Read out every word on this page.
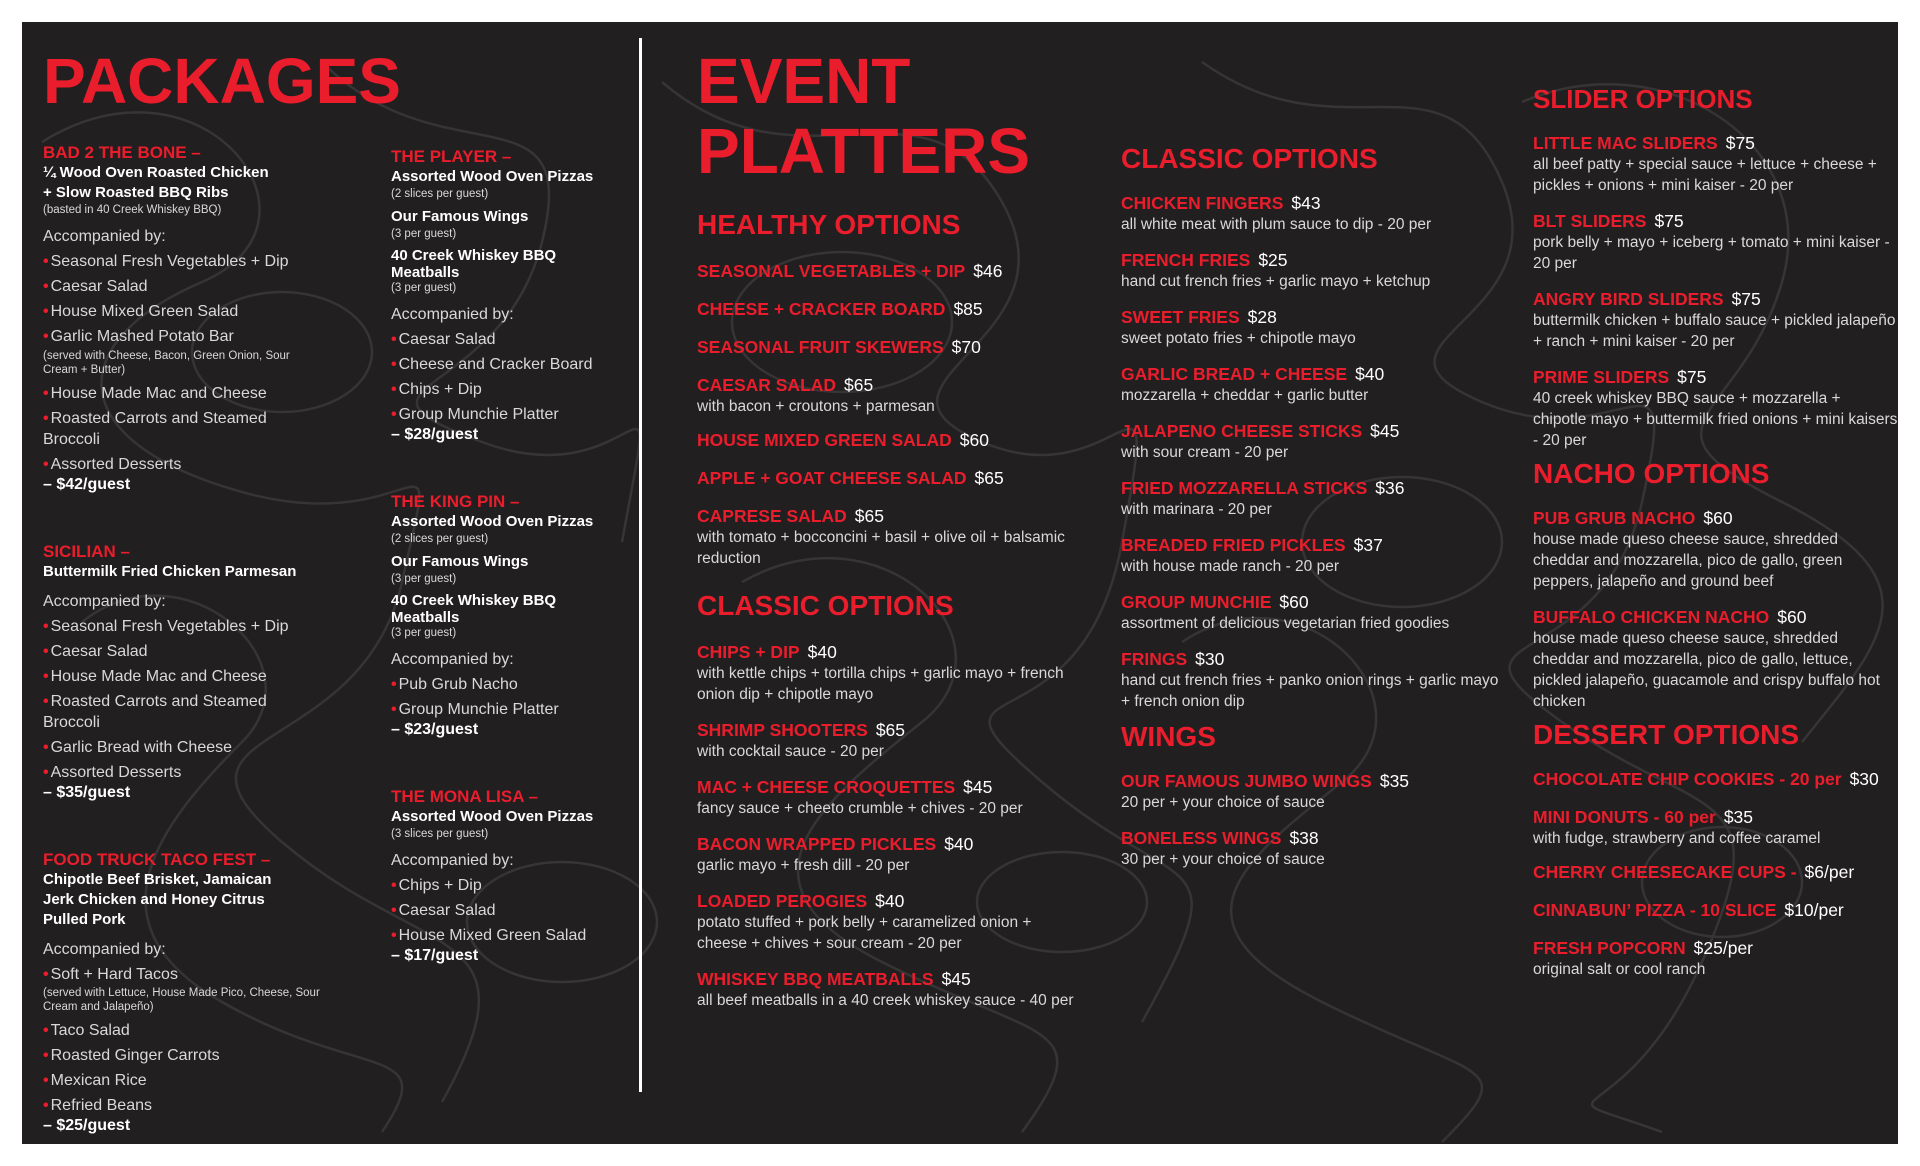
PACKAGES
BAD 2 THE BONE –
¼ Wood Oven Roasted Chicken
+ Slow Roasted BBQ Ribs
(basted in 40 Creek Whiskey BBQ)
Accompanied by:
• Seasonal Fresh Vegetables + Dip
• Caesar Salad
• House Mixed Green Salad
• Garlic Mashed Potato Bar
(served with Cheese, Bacon, Green Onion, Sour Cream + Butter)
• House Made Mac and Cheese
• Roasted Carrots and Steamed Broccoli
• Assorted Desserts
– $42/guest
SICILIAN –
Buttermilk Fried Chicken Parmesan
Accompanied by:
• Seasonal Fresh Vegetables + Dip
• Caesar Salad
• House Made Mac and Cheese
• Roasted Carrots and Steamed Broccoli
• Garlic Bread with Cheese
• Assorted Desserts
– $35/guest
FOOD TRUCK TACO FEST –
Chipotle Beef Brisket, Jamaican Jerk Chicken and Honey Citrus Pulled Pork
Accompanied by:
• Soft + Hard Tacos
(served with Lettuce, House Made Pico, Cheese, Sour Cream and Jalapeño)
• Taco Salad
• Roasted Ginger Carrots
• Mexican Rice
• Refried Beans
– $25/guest
THE PLAYER –
Assorted Wood Oven Pizzas
(2 slices per guest)
Our Famous Wings
(3 per guest)
40 Creek Whiskey BBQ Meatballs
(3 per guest)
Accompanied by:
• Caesar Salad
• Cheese and Cracker Board
• Chips + Dip
• Group Munchie Platter
– $28/guest
THE KING PIN –
Assorted Wood Oven Pizzas
(2 slices per guest)
Our Famous Wings
(3 per guest)
40 Creek Whiskey BBQ Meatballs
(3 per guest)
Accompanied by:
• Pub Grub Nacho
• Group Munchie Platter
– $23/guest
THE MONA LISA –
Assorted Wood Oven Pizzas
(3 slices per guest)
Accompanied by:
• Chips + Dip
• Caesar Salad
• House Mixed Green Salad
– $17/guest
EVENT PLATTERS
HEALTHY OPTIONS
SEASONAL VEGETABLES + DIP $46
CHEESE + CRACKER BOARD $85
SEASONAL FRUIT SKEWERS $70
CAESAR SALAD $65
with bacon + croutons + parmesan
HOUSE MIXED GREEN SALAD $60
APPLE + GOAT CHEESE SALAD $65
CAPRESE SALAD $65
with tomato + bocconcini + basil + olive oil + balsamic reduction
CLASSIC OPTIONS
CHIPS + DIP $40
with kettle chips + tortilla chips + garlic mayo + french onion dip + chipotle mayo
SHRIMP SHOOTERS $65
with cocktail sauce - 20 per
MAC + CHEESE CROQUETTES $45
fancy sauce + cheeto crumble + chives - 20 per
BACON WRAPPED PICKLES $40
garlic mayo + fresh dill - 20 per
LOADED PEROGIES $40
potato stuffed + pork belly + caramelized onion + cheese + chives + sour cream - 20 per
WHISKEY BBQ MEATBALLS $45
all beef meatballs in a 40 creek whiskey sauce - 40 per
CLASSIC OPTIONS
CHICKEN FINGERS $43
all white meat with plum sauce to dip - 20 per
FRENCH FRIES $25
hand cut french fries + garlic mayo + ketchup
SWEET FRIES $28
sweet potato fries + chipotle mayo
GARLIC BREAD + CHEESE $40
mozzarella + cheddar + garlic butter
JALAPENO CHEESE STICKS $45
with sour cream - 20 per
FRIED MOZZARELLA STICKS $36
with marinara - 20 per
BREADED FRIED PICKLES $37
with house made ranch - 20 per
GROUP MUNCHIE $60
assortment of delicious vegetarian fried goodies
FRINGS $30
hand cut french fries + panko onion rings + garlic mayo + french onion dip
WINGS
OUR FAMOUS JUMBO WINGS $35
20 per + your choice of sauce
BONELESS WINGS $38
30 per + your choice of sauce
SLIDER OPTIONS
LITTLE MAC SLIDERS $75
all beef patty + special sauce + lettuce + cheese + pickles + onions + mini kaiser - 20 per
BLT SLIDERS $75
pork belly + mayo + iceberg + tomato + mini kaiser - 20 per
ANGRY BIRD SLIDERS $75
buttermilk chicken + buffalo sauce + pickled jalapeño + ranch + mini kaiser - 20 per
PRIME SLIDERS $75
40 creek whiskey BBQ sauce + mozzarella + chipotle mayo + buttermilk fried onions + mini kaisers - 20 per
NACHO OPTIONS
PUB GRUB NACHO $60
house made queso cheese sauce, shredded cheddar and mozzarella, pico de gallo, green peppers, jalapeño and ground beef
BUFFALO CHICKEN NACHO $60
house made queso cheese sauce, shredded cheddar and mozzarella, pico de gallo, lettuce, pickled jalapeño, guacamole and crispy buffalo hot chicken
DESSERT OPTIONS
CHOCOLATE CHIP COOKIES - 20 per $30
MINI DONUTS - 60 per $35
with fudge, strawberry and coffee caramel
CHERRY CHEESECAKE CUPS - $6/per
CINNABUN’ PIZZA - 10 SLICE $10/per
FRESH POPCORN $25/per
original salt or cool ranch
